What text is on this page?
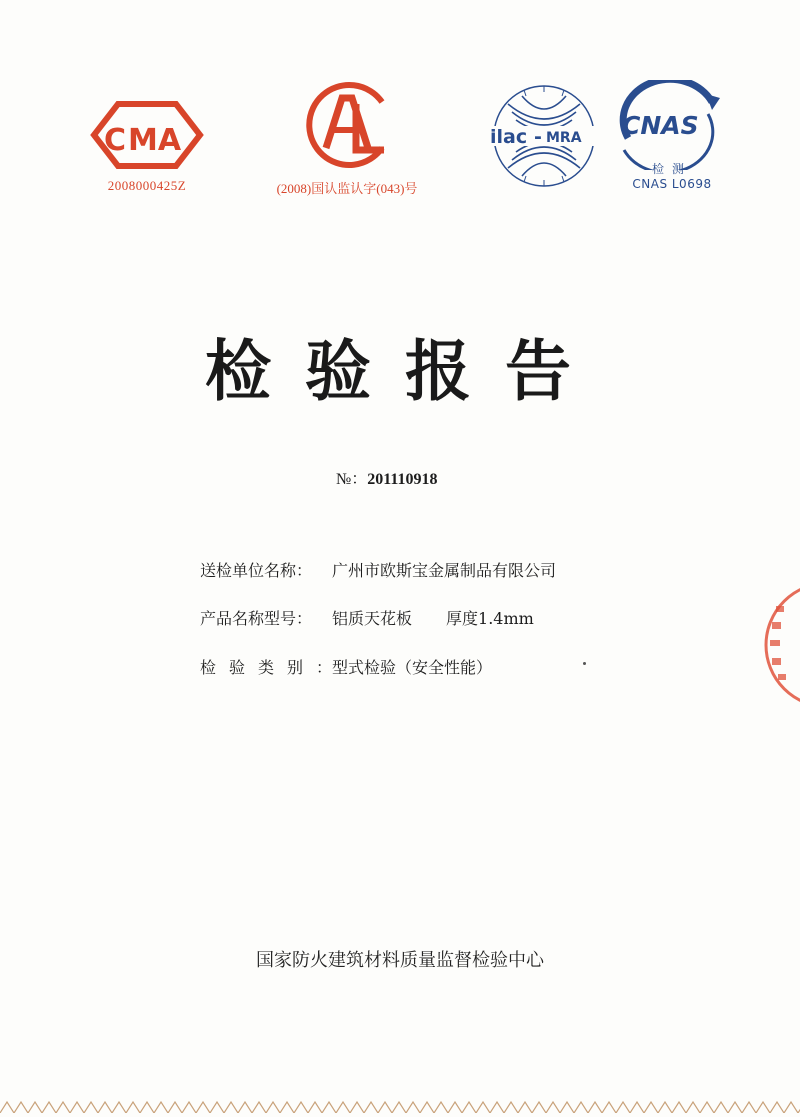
C MA
2008000425Z	(2008)国认监认字(043)号
ilac - MRA CNAS
检测
CNAS L0698
检验报告
№：201110918
送检单位名称： 广州市欧斯宝金属制品有限公司
产品名称型号： 铝质天花板 厚度1.4mm
检验类别：型式检验（安全性能）
国家防火建筑材料质量监督检验中心
